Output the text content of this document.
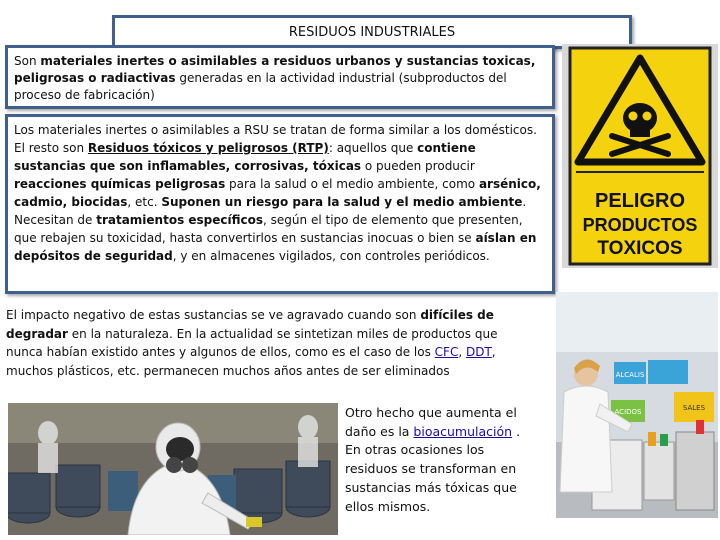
RESIDUOS INDUSTRIALES
Son materiales inertes o asimilables a residuos urbanos y sustancias toxicas, peligrosas o radiactivas generadas en la actividad industrial (subproductos del proceso de fabricación)
Los materiales inertes o asimilables a RSU se tratan de forma similar a los domésticos. El resto son Residuos tóxicos y peligrosos (RTP): aquellos que contiene sustancias que son inflamables, corrosivas, tóxicas o pueden producir reacciones químicas peligrosas para la salud o el medio ambiente, como arsénico, cadmio, biocidas, etc. Suponen un riesgo para la salud y el medio ambiente. Necesitan de tratamientos específicos, según el tipo de elemento que presenten, que rebajen su toxicidad, hasta convertirlos en sustancias inocuas o bien se aíslan en depósitos de seguridad, y en almacenes vigilados, con controles periódicos.
El impacto negativo de estas sustancias se ve agravado cuando son difíciles de degradar en la naturaleza. En la actualidad se sintetizan miles de productos que nunca habían existido antes y algunos de ellos, como es el caso de los CFC, DDT, muchos plásticos, etc. permanecen muchos años antes de ser eliminados
Otro hecho que aumenta el daño es la bioacumulación . En otras ocasiones los residuos se transforman en sustancias más tóxicas que ellos mismos.
PELIGRO
PRODUCTOS
TOXICOS
ALCALIS
ACIDOS	SALES
